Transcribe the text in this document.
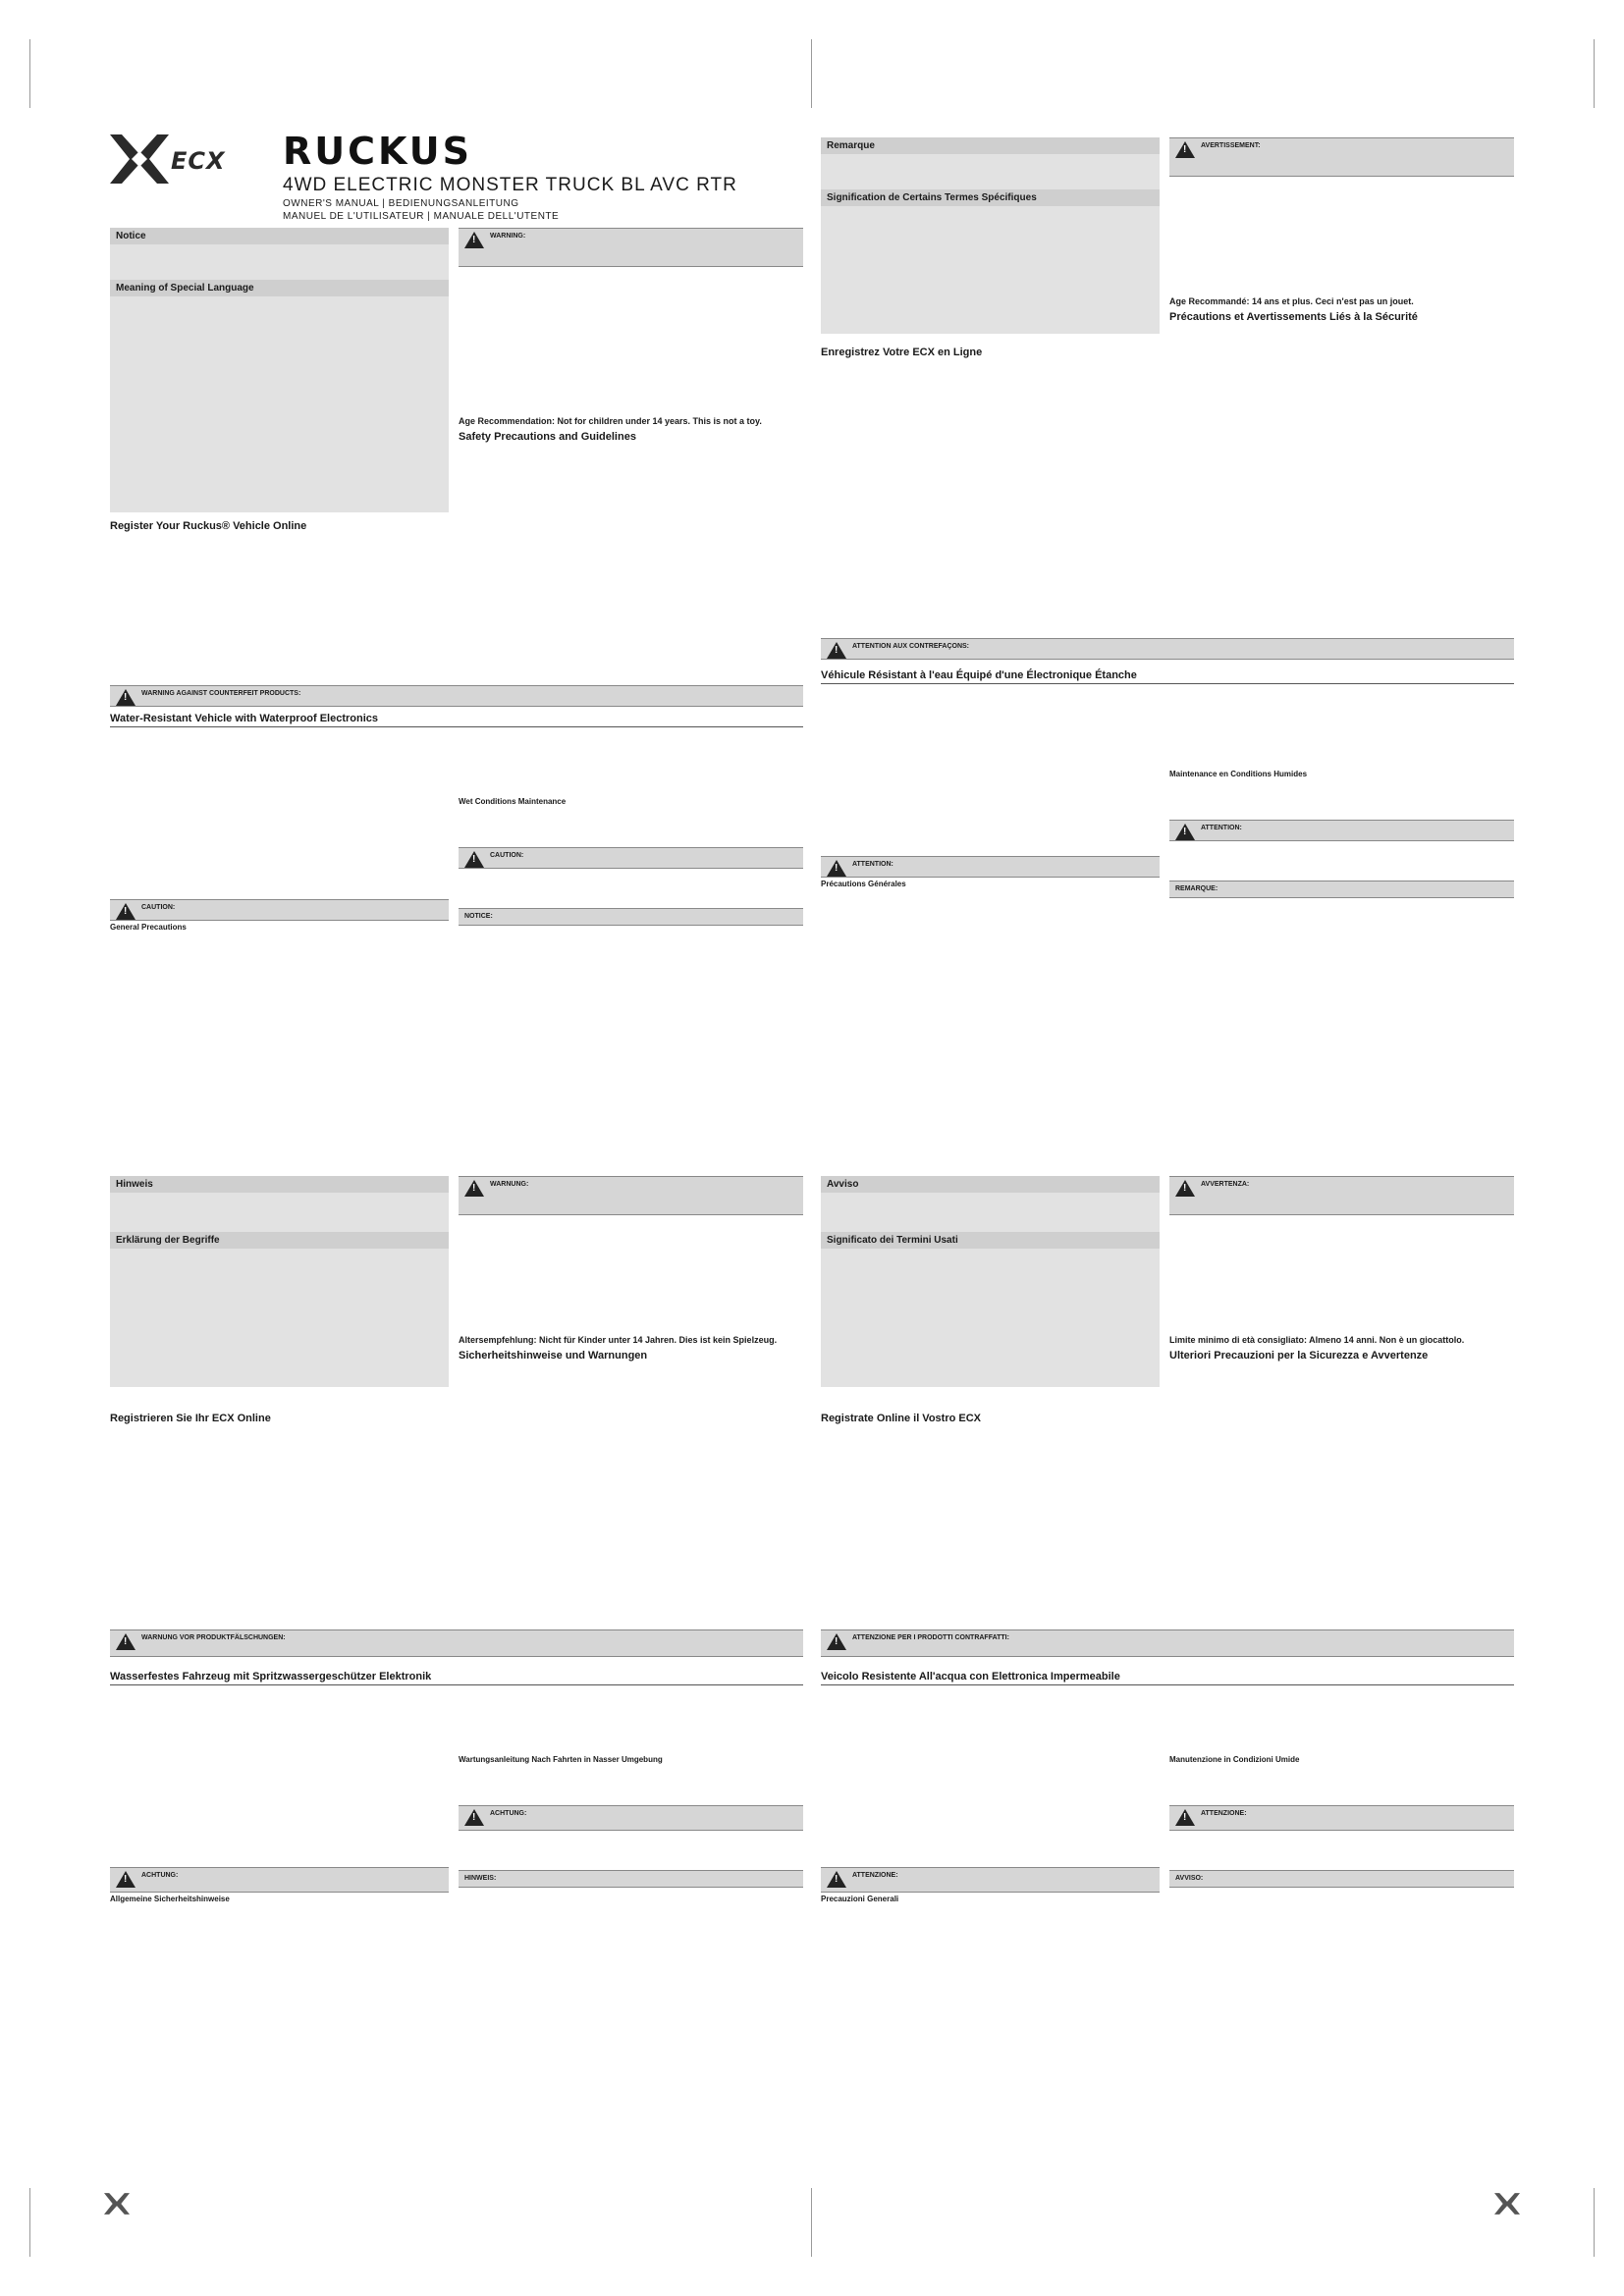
ECX RUCKUS
4WD ELECTRIC MONSTER TRUCK BL AVC RTR
OWNER'S MANUAL | BEDIENUNGSANLEITUNG
MANUEL DE L'UTILISATEUR | MANUALE DELL'UTENTE
Notice
Meaning of Special Language
!
WARNING:
Age Recommendation: Not for children under 14 years. This is not a toy.
Safety Precautions and Guidelines
Register Your Ruckus® Vehicle Online
!
WARNING AGAINST COUNTERFEIT PRODUCTS:
Water-Resistant Vehicle with Waterproof Electronics
!
CAUTION:
General Precautions
Wet Conditions Maintenance
!
CAUTION:
NOTICE:
Remarque
Signification de Certains Termes Spécifiques
!
AVERTISSEMENT:
Age Recommandé: 14 ans et plus. Ceci n'est pas un jouet.
Précautions et Avertissements Liés à la Sécurité
Enregistrez Votre ECX en Ligne
!
ATTENTION AUX CONTREFAÇONS:
Véhicule Résistant à l'eau Équipé d'une Électronique Étanche
!
ATTENTION:
Précautions Générales
Maintenance en Conditions Humides
!
ATTENTION:
REMARQUE:
Hinweis
Erklärung der Begriffe
!
WARNUNG:
Altersempfehlung: Nicht für Kinder unter 14 Jahren. Dies ist kein Spielzeug.
Sicherheitshinweise und Warnungen
Registrieren Sie Ihr ECX Online
!
WARNUNG VOR PRODUKTFÄLSCHUNGEN:
Wasserfestes Fahrzeug mit Spritzwassergeschützer Elektronik
!
ACHTUNG:
Allgemeine Sicherheitshinweise
Wartungsanleitung Nach Fahrten in Nasser Umgebung
!
ACHTUNG:
HINWEIS:
Avviso
Significato dei Termini Usati
!
AVVERTENZA:
Limite minimo di età consigliato: Almeno 14 anni. Non è un giocattolo.
Ulteriori Precauzioni per la Sicurezza e Avvertenze
Registrate Online il Vostro ECX
!
ATTENZIONE PER I PRODOTTI CONTRAFFATTI:
Veicolo Resistente All'acqua con Elettronica Impermeabile
!
ATTENZIONE:
Precauzioni Generali
Manutenzione in Condizioni Umide
!
ATTENZIONE:
AVVISO:
